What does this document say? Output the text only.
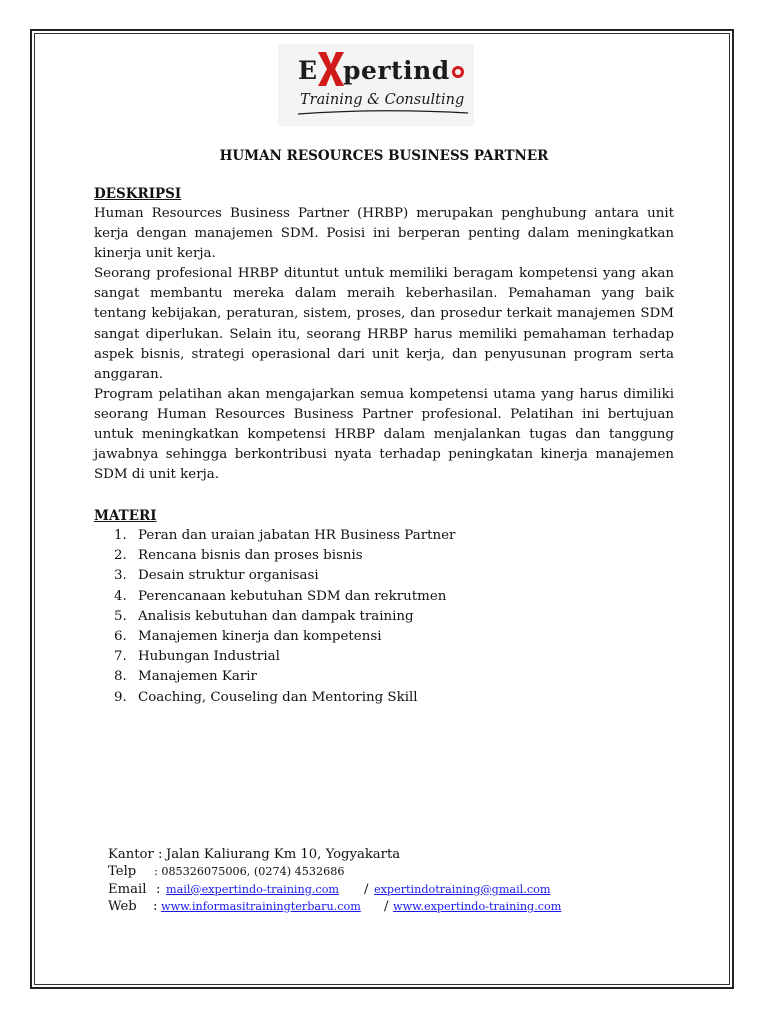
E pertind
Training & Consulting
HUMAN RESOURCES BUSINESS PARTNER
DESKRIPSI

Human Resources Business Partner (HRBP) merupakan penghubung antara unit kerja dengan manajemen SDM. Posisi ini berperan penting dalam meningkatkan kinerja unit kerja.

Seorang profesional HRBP dituntut untuk memiliki beragam kompetensi yang akan sangat membantu mereka dalam meraih keberhasilan. Pemahaman yang baik tentang kebijakan, peraturan, sistem, proses, dan prosedur terkait manajemen SDM sangat diperlukan. Selain itu, seorang HRBP harus memiliki pemahaman terhadap aspek bisnis, strategi operasional dari unit kerja, dan penyusunan program serta anggaran.

Program pelatihan akan mengajarkan semua kompetensi utama yang harus dimiliki seorang Human Resources Business Partner profesional. Pelatihan ini bertujuan untuk meningkatkan kompetensi HRBP dalam menjalankan tugas dan tanggung jawabnya sehingga berkontribusi nyata terhadap peningkatan kinerja manajemen SDM di unit kerja.

MATERI
1. Peran dan uraian jabatan HR Business Partner
2. Rencana bisnis dan proses bisnis
3. Desain struktur organisasi
4. Perencanaan kebutuhan SDM dan rekrutmen
5. Analisis kebutuhan dan dampak training
6. Manajemen kinerja dan kompetensi
7. Hubungan Industrial
8. Manajemen Karir
9. Coaching, Couseling dan Mentoring Skill
Kantor : Jalan Kaliurang Km 10, Yogyakarta
Telp : 085326075006, (0274) 4532686
Email : mail@expertindo-training.com / expertindotraining@gmail.com
Web : www.informasitrainingterbaru.com / www.expertindo-training.com
